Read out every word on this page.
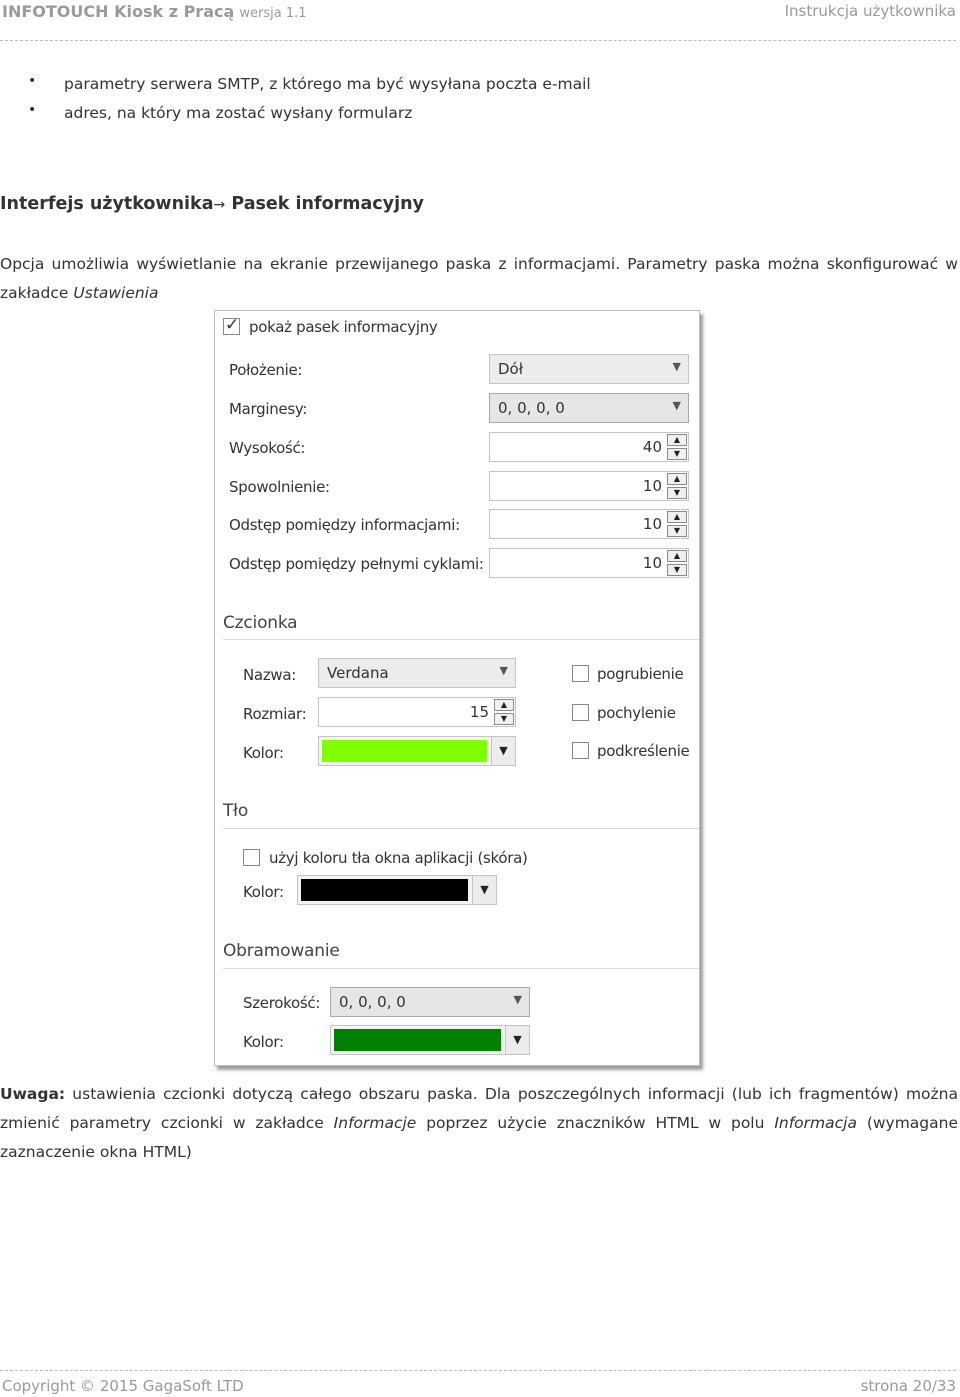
INFOTOUCH Kiosk z Pracą wersja 1.1	Instrukcja użytkownika
• parametry serwera SMTP, z którego ma być wysyłana poczta e-mail
• adres, na który ma zostać wysłany formularz
Interfejs użytkownika→ Pasek informacyjny
Opcja umożliwia wyświetlanie na ekranie przewijanego paska z informacjami. Parametry paska można skonfigurować w zakładce Ustawienia
✓
pokaż pasek informacyjny
Położenie:	Dół	▼
Marginesy:	0, 0, 0, 0	▼
Wysokość:	40	▲
▼
Spowolnienie:	10	▲
▼
Odstęp pomiędzy informacjami:	10	▲
▼
Odstęp pomiędzy pełnymi cyklami:	10	▲
▼
Czcionka
Nazwa: Verdana	▼
Rozmiar:	15	▲
▼
Kolor:	▼
pogrubienie
pochylenie
podkreślenie
Tło
użyj koloru tła okna aplikacji (skóra)
Kolor:	▼
Obramowanie
Szerokość: 0, 0, 0, 0	▼
Kolor:	▼
Uwaga: ustawienia czcionki dotyczą całego obszaru paska. Dla poszczególnych informacji (lub ich fragmentów) można zmienić parametry czcionki w zakładce Informacje poprzez użycie znaczników HTML w polu Informacja (wymagane zaznaczenie okna HTML)
Copyright © 2015 GagaSoft LTD	strona 20/33
